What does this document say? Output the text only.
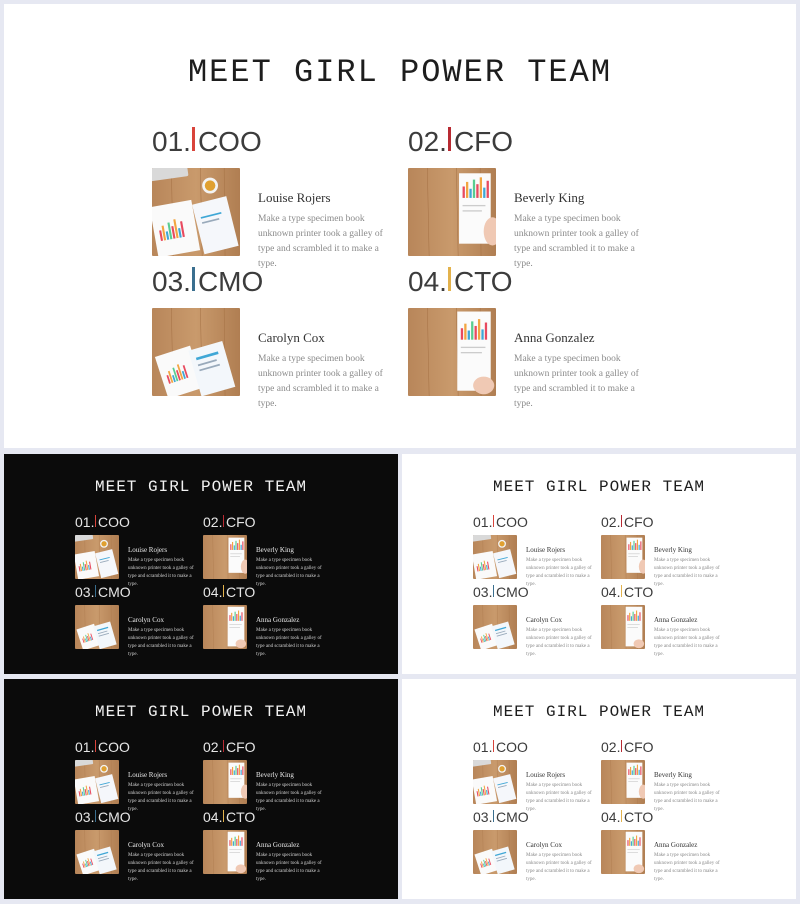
MEET GIRL POWER TEAM
01. COO
Louise Rojers
Make a type specimen book unknown printer took a galley of type and scrambled it to make a type.
02. CFO
Beverly King
Make a type specimen book unknown printer took a galley of type and scrambled it to make a type.
03. CMO
Carolyn Cox
Make a type specimen book unknown printer took a galley of type and scrambled it to make a type.
04. CTO
Anna Gonzalez
Make a type specimen book unknown printer took a galley of type and scrambled it to make a type.
MEET GIRL POWER TEAM
01. COO
Louise Rojers
Make a type specimen book unknown printer took a galley of type and scrambled it to make a type.
02. CFO
Beverly King
Make a type specimen book unknown printer took a galley of type and scrambled it to make a type.
03. CMO
Carolyn Cox
Make a type specimen book unknown printer took a galley of type and scrambled it to make a type.
04. CTO
Anna Gonzalez
Make a type specimen book unknown printer took a galley of type and scrambled it to make a type.
MEET GIRL POWER TEAM
01. COO
Louise Rojers
Make a type specimen book unknown printer took a galley of type and scrambled it to make a type.
02. CFO
Beverly King
Make a type specimen book unknown printer took a galley of type and scrambled it to make a type.
03. CMO
Carolyn Cox
Make a type specimen book unknown printer took a galley of type and scrambled it to make a type.
04. CTO
Anna Gonzalez
Make a type specimen book unknown printer took a galley of type and scrambled it to make a type.
MEET GIRL POWER TEAM
01. COO
Louise Rojers
Make a type specimen book unknown printer took a galley of type and scrambled it to make a type.
02. CFO
Beverly King
Make a type specimen book unknown printer took a galley of type and scrambled it to make a type.
03. CMO
Carolyn Cox
Make a type specimen book unknown printer took a galley of type and scrambled it to make a type.
04. CTO
Anna Gonzalez
Make a type specimen book unknown printer took a galley of type and scrambled it to make a type.
MEET GIRL POWER TEAM
01. COO
Louise Rojers
Make a type specimen book unknown printer took a galley of type and scrambled it to make a type.
02. CFO
Beverly King
Make a type specimen book unknown printer took a galley of type and scrambled it to make a type.
03. CMO
Carolyn Cox
Make a type specimen book unknown printer took a galley of type and scrambled it to make a type.
04. CTO
Anna Gonzalez
Make a type specimen book unknown printer took a galley of type and scrambled it to make a type.
